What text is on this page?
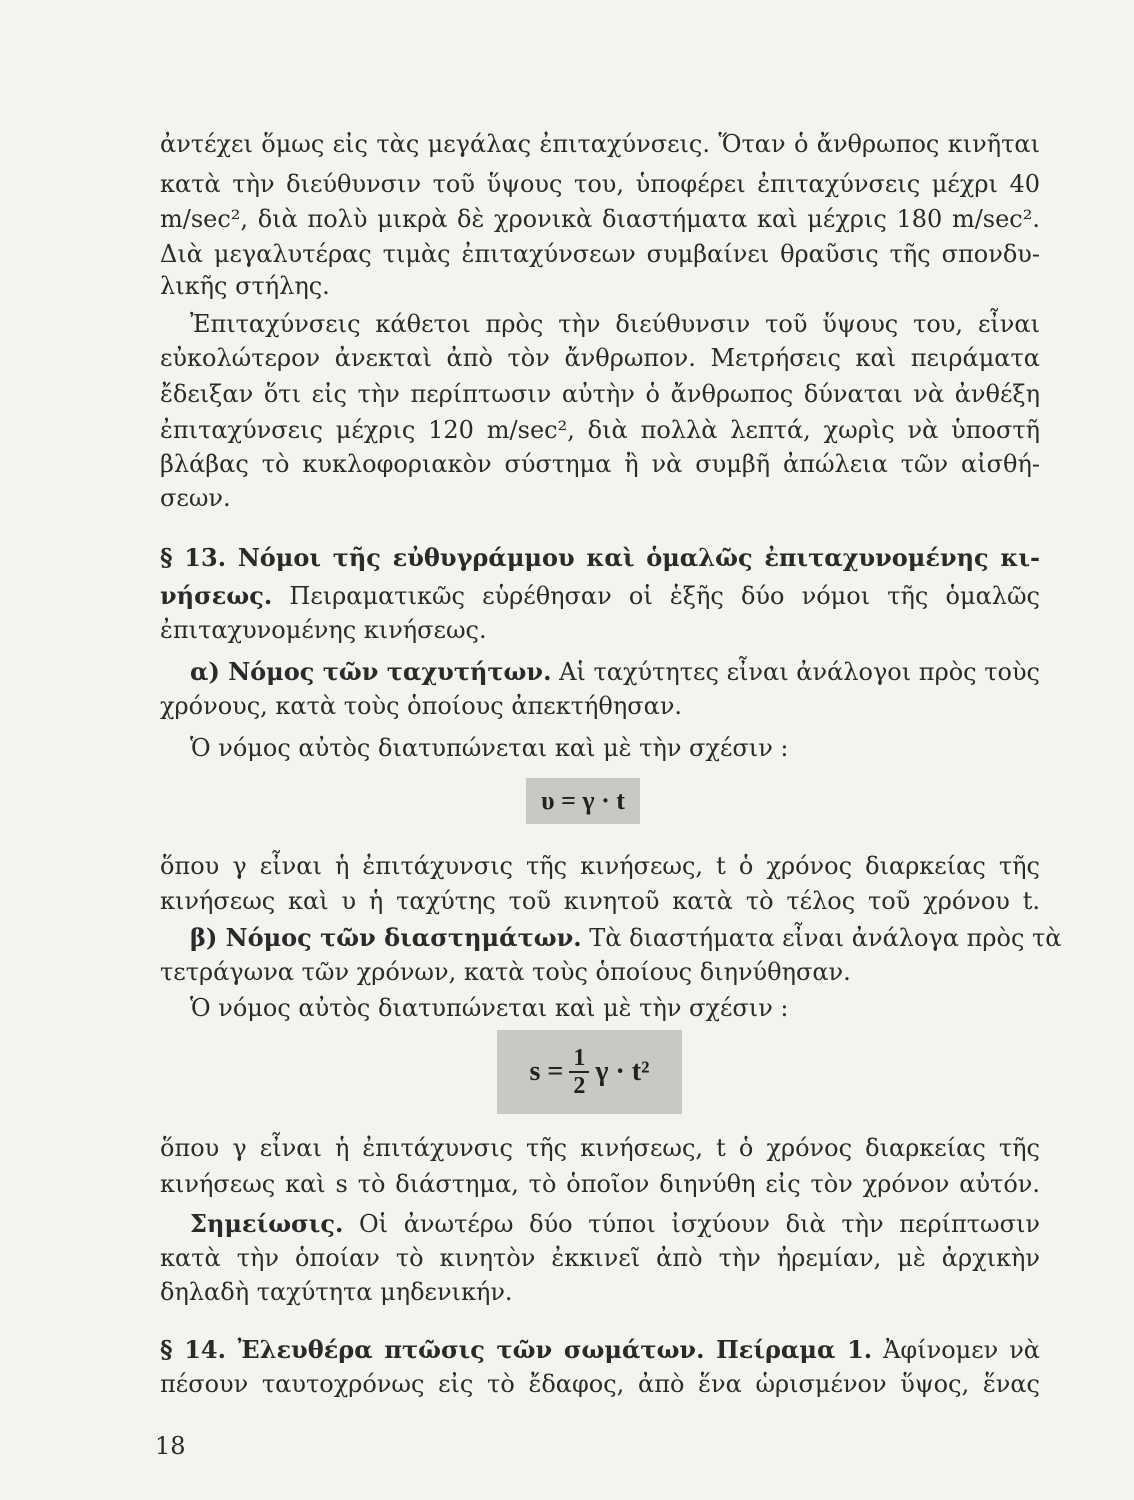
ἀντέχει ὅμως εἰς τὰς μεγάλας ἐπιταχύνσεις. Ὅταν ὁ ἄνθρωπος κινῆται
κατὰ τὴν διεύθυνσιν τοῦ ὕψους του, ὑποφέρει ἐπιταχύνσεις μέχρι 40
m/sec², διὰ πολὺ μικρὰ δὲ χρονικὰ διαστήματα καὶ μέχρις 180 m/sec².
Διὰ μεγαλυτέρας τιμὰς ἐπιταχύνσεων συμβαίνει θραῦσις τῆς σπονδυ-
λικῆς στήλης.
Ἐπιταχύνσεις κάθετοι πρὸς τὴν διεύθυνσιν τοῦ ὕψους του, εἶναι
εὐκολώτερον ἀνεκταὶ ἀπὸ τὸν ἄνθρωπον. Μετρήσεις καὶ πειράματα
ἔδειξαν ὅτι εἰς τὴν περίπτωσιν αὐτὴν ὁ ἄνθρωπος δύναται νὰ ἀνθέξη
ἐπιταχύνσεις μέχρις 120 m/sec², διὰ πολλὰ λεπτά, χωρὶς νὰ ὑποστῆ
βλάβας τὸ κυκλοφοριακὸν σύστημα ἢ νὰ συμβῆ ἀπώλεια τῶν αἰσθή-
σεων.
§ 13. Νόμοι τῆς εὐθυγράμμου καὶ ὁμαλῶς ἐπιταχυνομένης κι-
νήσεως. Πειραματικῶς εὑρέθησαν οἱ ἑξῆς δύο νόμοι τῆς ὁμαλῶς
ἐπιταχυνομένης κινήσεως.
α) Νόμος τῶν ταχυτήτων. Αἱ ταχύτητες εἶναι ἀνάλογοι πρὸς τοὺς
χρόνους, κατὰ τοὺς ὁποίους ἀπεκτήθησαν.
Ὁ νόμος αὐτὸς διατυπώνεται καὶ μὲ τὴν σχέσιν :
υ = γ · t
ὅπου γ εἶναι ἡ ἐπιτάχυνσις τῆς κινήσεως, t ὁ χρόνος διαρκείας τῆς
κινήσεως καὶ υ ἡ ταχύτης τοῦ κινητοῦ κατὰ τὸ τέλος τοῦ χρόνου t.
β) Νόμος τῶν διαστημάτων. Τὰ διαστήματα εἶναι ἀνάλογα πρὸς τὰ
τετράγωνα τῶν χρόνων, κατὰ τοὺς ὁποίους διηνύθησαν.
Ὁ νόμος αὐτὸς διατυπώνεται καὶ μὲ τὴν σχέσιν :
$s = \frac{1}{2}$ γ · t²
ὅπου γ εἶναι ἡ ἐπιτάχυνσις τῆς κινήσεως, t ὁ χρόνος διαρκείας τῆς
κινήσεως καὶ s τὸ διάστημα, τὸ ὁποῖον διηνύθη εἰς τὸν χρόνον αὐτόν.
Σημείωσις. Οἱ ἀνωτέρω δύο τύποι ἰσχύουν διὰ τὴν περίπτωσιν
κατὰ τὴν ὁποίαν τὸ κινητὸν ἐκκινεῖ ἀπὸ τὴν ἠρεμίαν, μὲ ἀρχικὴν
δηλαδὴ ταχύτητα μηδενικήν.
§ 14. Ἐλευθέρα πτῶσις τῶν σωμάτων. Πείραμα 1. Ἀφίνομεν νὰ
πέσουν ταυτοχρόνως εἰς τὸ ἔδαφος, ἀπὸ ἕνα ὡρισμένον ὕψος, ἕνας
18
